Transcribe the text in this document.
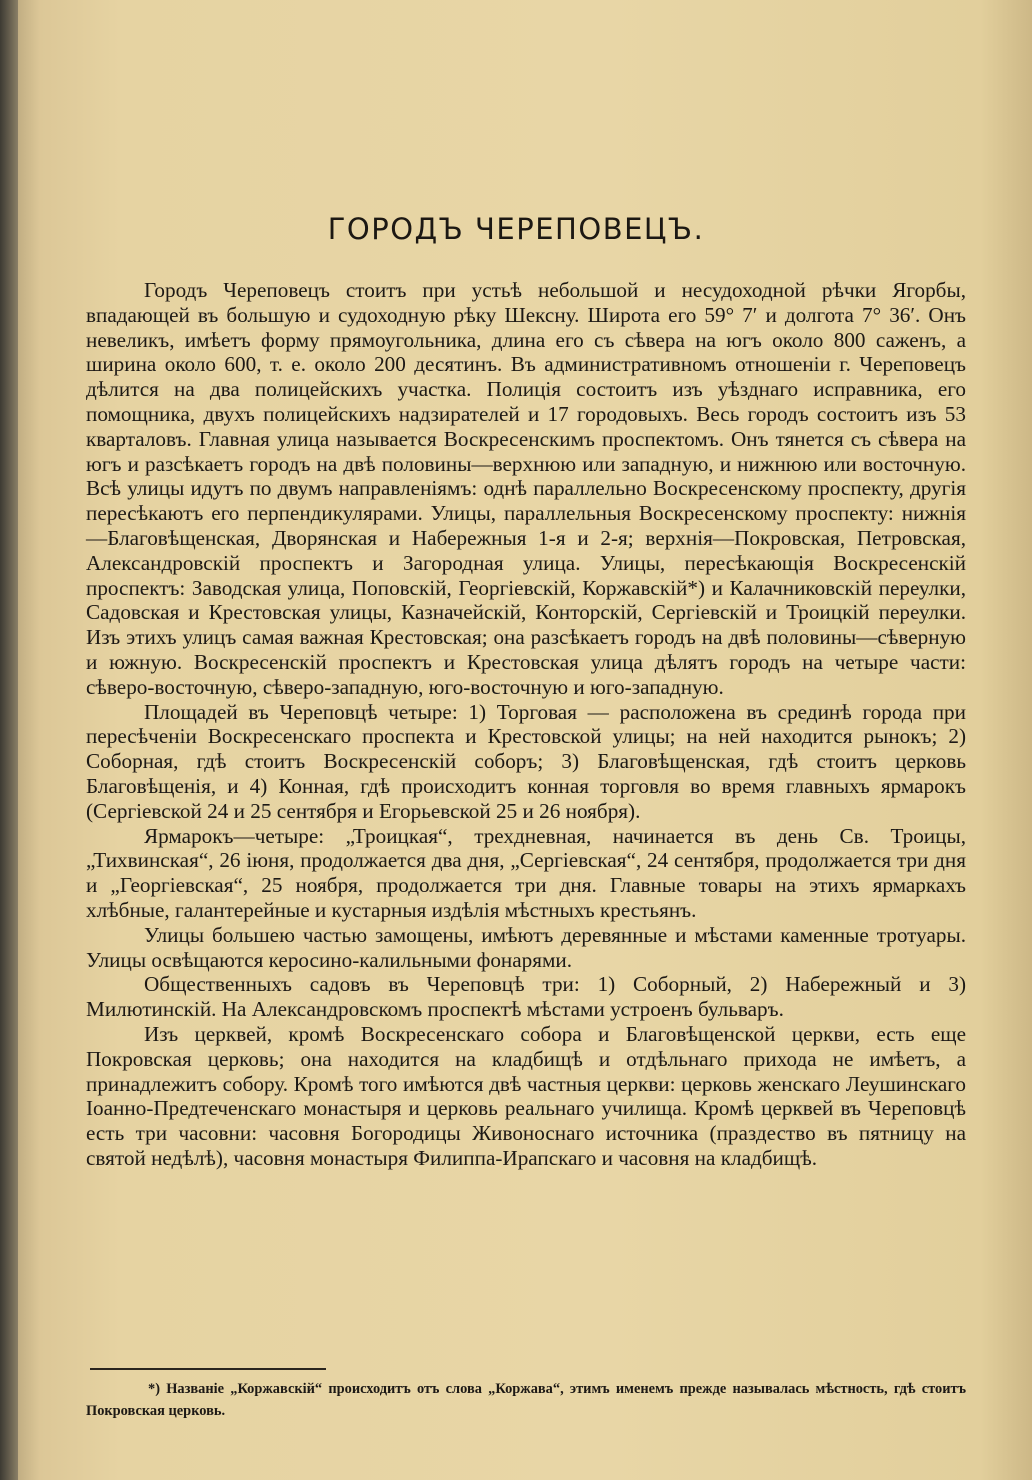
ГОРОДЪ ЧЕРЕПОВЕЦЪ.

Городъ Череповецъ стоитъ при устьѣ небольшой и несудоходной рѣчки Ягорбы, впадающей въ большую и судоходную рѣку Шексну. Широта его 59° 7′ и долгота 7° 36′. Онъ невеликъ, имѣетъ форму прямоугольника, длина его съ сѣвера на югъ около 800 саженъ, а ширина около 600, т. е. около 200 десятинъ. Въ административномъ отношеніи г. Череповецъ дѣлится на два полицейскихъ участка. Полиція состоитъ изъ уѣзднаго исправника, его помощника, двухъ полицейскихъ надзирателей и 17 городовыхъ. Весь городъ состоитъ изъ 53 кварталовъ. Главная улица называется Воскресенскимъ проспектомъ. Онъ тянется съ сѣвера на югъ и разсѣкаетъ городъ на двѣ половины—верхнюю или западную, и нижнюю или восточную. Всѣ улицы идутъ по двумъ направленіямъ: однѣ параллельно Воскресенскому проспекту, другія пересѣкаютъ его перпендикулярами. Улицы, параллельныя Воскресенскому проспекту: нижнія—Благовѣщенская, Дворянская и Набережныя 1-я и 2-я; верхнія—Покровская, Петровская, Александровскій проспектъ и Загородная улица. Улицы, пересѣкающія Воскресенскій проспектъ: Заводская улица, Поповскій, Георгіевскій, Коржавскій*) и Калачниковскій переулки, Садовская и Крестовская улицы, Казначейскій, Конторскій, Сергіевскій и Троицкій переулки. Изъ этихъ улицъ самая важная Крестовская; она разсѣкаетъ городъ на двѣ половины—сѣверную и южную. Воскресенскій проспектъ и Крестовская улица дѣлятъ городъ на четыре части: сѣверо-восточную, сѣверо-западную, юго-восточную и юго-западную.

Площадей въ Череповцѣ четыре: 1) Торговая — расположена въ срединѣ города при пересѣченіи Воскресенскаго проспекта и Крестовской улицы; на ней находится рынокъ; 2) Соборная, гдѣ стоитъ Воскресенскій соборъ; 3) Благовѣщенская, гдѣ стоитъ церковь Благовѣщенія, и 4) Конная, гдѣ происходитъ конная торговля во время главныхъ ярмарокъ (Сергіевской 24 и 25 сентября и Егорьевской 25 и 26 ноября).

Ярмарокъ—четыре: „Троицкая“, трехдневная, начинается въ день Св. Троицы, „Тихвинская“, 26 іюня, продолжается два дня, „Сергіевская“, 24 сентября, продолжается три дня и „Георгіевская“, 25 ноября, продолжается три дня. Главные товары на этихъ ярмаркахъ хлѣбные, галантерейные и кустарныя издѣлія мѣстныхъ крестьянъ.

Улицы большею частью замощены, имѣютъ деревянные и мѣстами каменные тротуары. Улицы освѣщаются керосино-калильными фонарями.

Общественныхъ садовъ въ Череповцѣ три: 1) Соборный, 2) Набережный и 3) Милютинскій. На Александровскомъ проспектѣ мѣстами устроенъ бульваръ.

Изъ церквей, кромѣ Воскресенскаго собора и Благовѣщенской церкви, есть еще Покровская церковь; она находится на кладбищѣ и отдѣльнаго прихода не имѣетъ, а принадлежитъ собору. Кромѣ того имѣются двѣ частныя церкви: церковь женскаго Леушинскаго Іоанно-Предтеченскаго монастыря и церковь реальнаго училища. Кромѣ церквей въ Череповцѣ есть три часовни: часовня Богородицы Живоноснаго источника (праздество въ пятницу на святой недѣлѣ), часовня монастыря Филиппа-Ирапскаго и часовня на кладбищѣ.

*) Названіе „Коржавскій“ происходитъ отъ слова „Коржава“, этимъ именемъ прежде называлась мѣстность, гдѣ стоитъ Покровская церковь.
